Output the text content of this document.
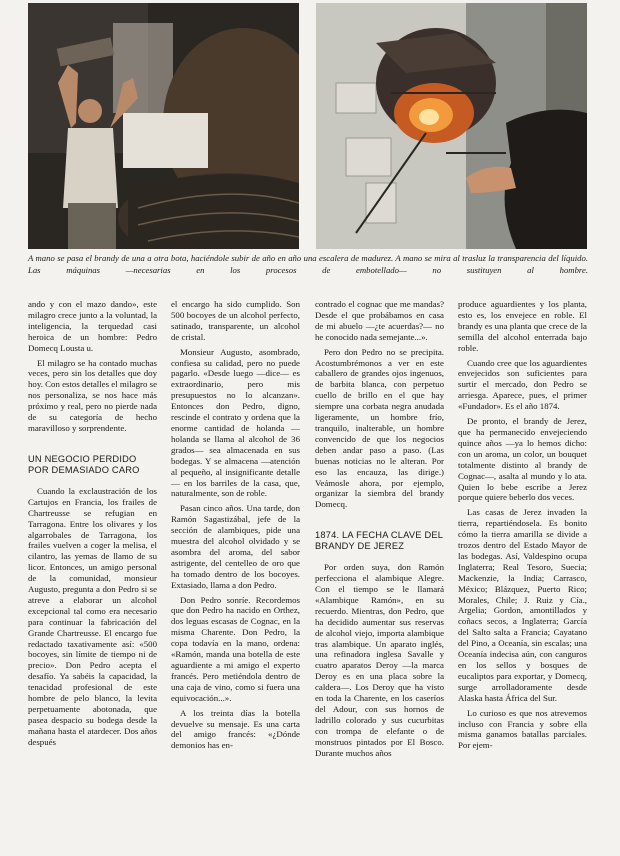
A mano se pasa el brandy de una a otra bota, haciéndole subir de año en año una escalera de madurez. A mano se mira al trasluz la transparencia del líquido. Las máquinas —necesarias en los procesos de embotellado— no sustituyen al hombre.

ando y con el mazo dando», este milagro crece junto a la voluntad, la inteligencia, la terquedad casi heroica de un hombre: Pedro Domecq Lousta u.

El milagro se ha contado muchas veces, pero sin los detalles que doy hoy. Con estos detalles el milagro se nos personaliza, se nos hace más próximo y real, pero no pierde nada de su categoría de hecho maravilloso y sorprendente.

UN NEGOCIO PERDIDO POR DEMASIADO CARO

Cuando la exclaustración de los Cartujos en Francia, los frailes de Chartreusse se refugian en Tarragona. Entre los olivares y los algarrobales de Tarragona, los frailes vuelven a coger la melisa, el cilantro, las yemas de llamo de su licor. Entonces, un amigo personal de la comunidad, monsieur Augusto, pregunta a don Pedro si se atreve a elaborar un alcohol excepcional tal como era necesario para continuar la fabricación del Grande Chartreusse. El encargo fue redactado taxativamente así: «500 bocoyes, sin límite de tiempo ni de precio». Don Pedro acepta el desafío. Ya sabéis la capacidad, la tenacidad profesional de este hombre de pelo blanco, la levita perpetuamente abotonada, que pasea despacio su bodega desde la mañana hasta el atardecer. Dos años después

el encargo ha sido cumplido. Son 500 bocoyes de un alcohol perfecto, satinado, transparente, un alcohol de cristal.

Monsieur Augusto, asombrado, confiesa su calidad, pero no puede pagarlo. «Desde luego —dice— es extraordinario, pero mis presupuestos no lo alcanzan». Entonces don Pedro, digno, rescinde el contrato y ordena que la enorme cantidad de holanda —holanda se llama al alcohol de 36 grados— sea almacenada en sus bodegas. Y se almacena —atención al pequeño, al insignificante detalle— en los barriles de la casa, que, naturalmente, son de roble.

Pasan cinco años. Una tarde, don Ramón Sagastizábal, jefe de la sección de alambiques, pide una muestra del alcohol olvidado y se asombra del aroma, del sabor astrigente, del centelleo de oro que ha tomado dentro de los bocoyes. Extasiado, llama a don Pedro.

Don Pedro sonríe. Recordemos que don Pedro ha nacido en Orthez, dos leguas escasas de Cognac, en la misma Charente. Don Pedro, la copa todavía en la mano, ordena: «Ramón, manda una botella de este aguardiente a mi amigo el experto francés. Pero metiéndola dentro de una caja de vino, como si fuera una equivocación...».

A los treinta días la botella devuelve su mensaje. Es una carta del amigo francés: «¿Dónde demonios has en-

contrado el cognac que me mandas? Desde el que probábamos en casa de mi abuelo —¿te acuerdas?— no he conocido nada semejante...».

Pero don Pedro no se precipita. Acostumbrémonos a ver en este caballero de grandes ojos ingenuos, de barbita blanca, con perpetuo cuello de brillo en el que hay siempre una corbata negra anudada ligeramente, un hombre frío, tranquilo, inalterable, un hombre convencido de que los negocios deben andar paso a paso. (Las buenas noticias no le alteran. Por eso las encauza, las dirige.) Veámosle ahora, por ejemplo, organizar la siembra del brandy Domecq.

1874. LA FECHA CLAVE DEL BRANDY DE JEREZ

Por orden suya, don Ramón perfecciona el alambique Alegre. Con el tiempo se le llamará «Alambique Ramón», en su recuerdo. Mientras, don Pedro, que ha decidido aumentar sus reservas de alcohol viejo, importa alambique tras alambique. Un aparato inglés, una refinadora inglesa Savalle y cuatro aparatos Deroy —la marca Deroy es en una placa sobre la caldera—. Los Deroy que ha visto en toda la Charente, en los caseríos del Adour, con sus hornos de ladrillo colorado y sus cucurbitas con trompa de elefante o de monstruos pintados por El Bosco. Durante muchos años

produce aguardientes y los planta, esto es, los envejece en roble. El brandy es una planta que crece de la semilla del alcohol enterrada bajo roble.

Cuando cree que los aguardientes envejecidos son suficientes para surtir el mercado, don Pedro se arriesga. Aparece, pues, el primer «Fundador». Es el año 1874.

De pronto, el brandy de Jerez, que ha permanecido envejeciendo quince años —ya lo hemos dicho: con un aroma, un color, un bouquet totalmente distinto al brandy de Cognac—, asalta al mundo y lo ata. Quien lo bebe escribe a Jerez porque quiere beberlo dos veces.

Las casas de Jerez invaden la tierra, repartiéndosela. Es bonito cómo la tierra amarilla se divide a trozos dentro del Estado Mayor de las bodegas. Así, Valdespino ocupa Inglaterra; Real Tesoro, Suecia; Mackenzie, la India; Carrasco, México; Blázquez, Puerto Rico; Morales, Chile; J. Ruiz y Cía., Argelia; Gordon, amontillados y coñacs secos, a Inglaterra; García del Salto salta a Francia; Cayatano del Pino, a Oceanía, sin escalas; una Oceanía indecisa aún, con canguros en los sellos y bosques de eucaliptos para exportar, y Domecq, surge arrolladoramente desde Alaska hasta África del Sur.

Lo curioso es que nos atrevemos incluso con Francia y sobre ella misma ganamos batallas parciales. Por ejem-
